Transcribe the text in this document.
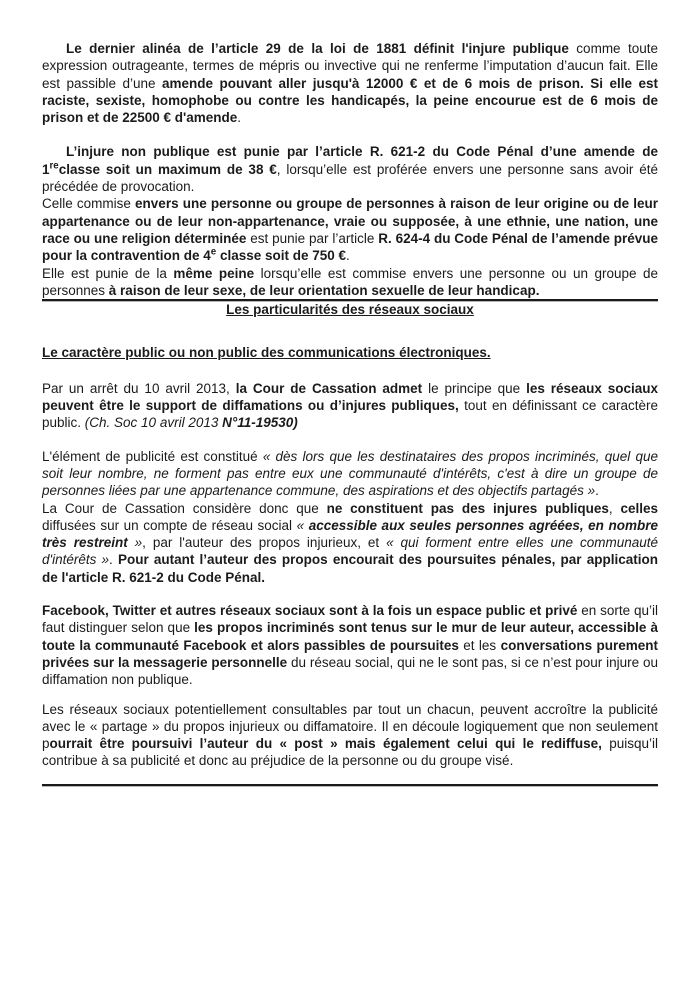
Le dernier alinéa de l’article 29 de la loi de 1881 définit l'injure publique comme toute expression outrageante, termes de mépris ou invective qui ne renferme l’imputation d’aucun fait. Elle est passible d’une amende pouvant aller jusqu'à 12000 € et de 6 mois de prison. Si elle est raciste, sexiste, homophobe ou contre les handicapés, la peine encourue est de 6 mois de prison et de 22500 € d'amende.

L’injure non publique est punie par l’article R. 621-2 du Code Pénal d’une amende de 1reclasse soit un maximum de 38 €, lorsqu’elle est proférée envers une personne sans avoir été précédée de provocation.
Celle commise envers une personne ou groupe de personnes à raison de leur origine ou de leur appartenance ou de leur non-appartenance, vraie ou supposée, à une ethnie, une nation, une race ou une religion déterminée est punie par l’article R. 624-4 du Code Pénal de l’amende prévue pour la contravention de 4e classe soit de 750 €.
Elle est punie de la même peine lorsqu’elle est commise envers une personne ou un groupe de personnes à raison de leur sexe, de leur orientation sexuelle de leur handicap.

Les particularités des réseaux sociaux
Le caractère public ou non public des communications électroniques.

Par un arrêt du 10 avril 2013, la Cour de Cassation admet le principe que les réseaux sociaux peuvent être le support de diffamations ou d’injures publiques, tout en définissant ce caractère public. (Ch. Soc 10 avril 2013 N°11-19530)

L'élément de publicité est constitué « dès lors que les destinataires des propos incriminés, quel que soit leur nombre, ne forment pas entre eux une communauté d'intérêts, c'est à dire un groupe de personnes liées par une appartenance commune, des aspirations et des objectifs partagés ».
La Cour de Cassation considère donc que ne constituent pas des injures publiques, celles diffusées sur un compte de réseau social « accessible aux seules personnes agréées, en nombre très restreint », par l'auteur des propos injurieux, et « qui forment entre elles une communauté d'intérêts ». Pour autant l’auteur des propos encourait des poursuites pénales, par application de l'article R. 621-2 du Code Pénal.

Facebook, Twitter et autres réseaux sociaux sont à la fois un espace public et privé en sorte qu’il faut distinguer selon que les propos incriminés sont tenus sur le mur de leur auteur, accessible à toute la communauté Facebook et alors passibles de poursuites et les conversations purement privées sur la messagerie personnelle du réseau social, qui ne le sont pas, si ce n’est pour injure ou diffamation non publique.

Les réseaux sociaux potentiellement consultables par tout un chacun, peuvent accroître la publicité avec le « partage » du propos injurieux ou diffamatoire. Il en découle logiquement que non seulement pourrait être poursuivi l’auteur du « post » mais également celui qui le rediffuse, puisqu’il contribue à sa publicité et donc au préjudice de la personne ou du groupe visé.
